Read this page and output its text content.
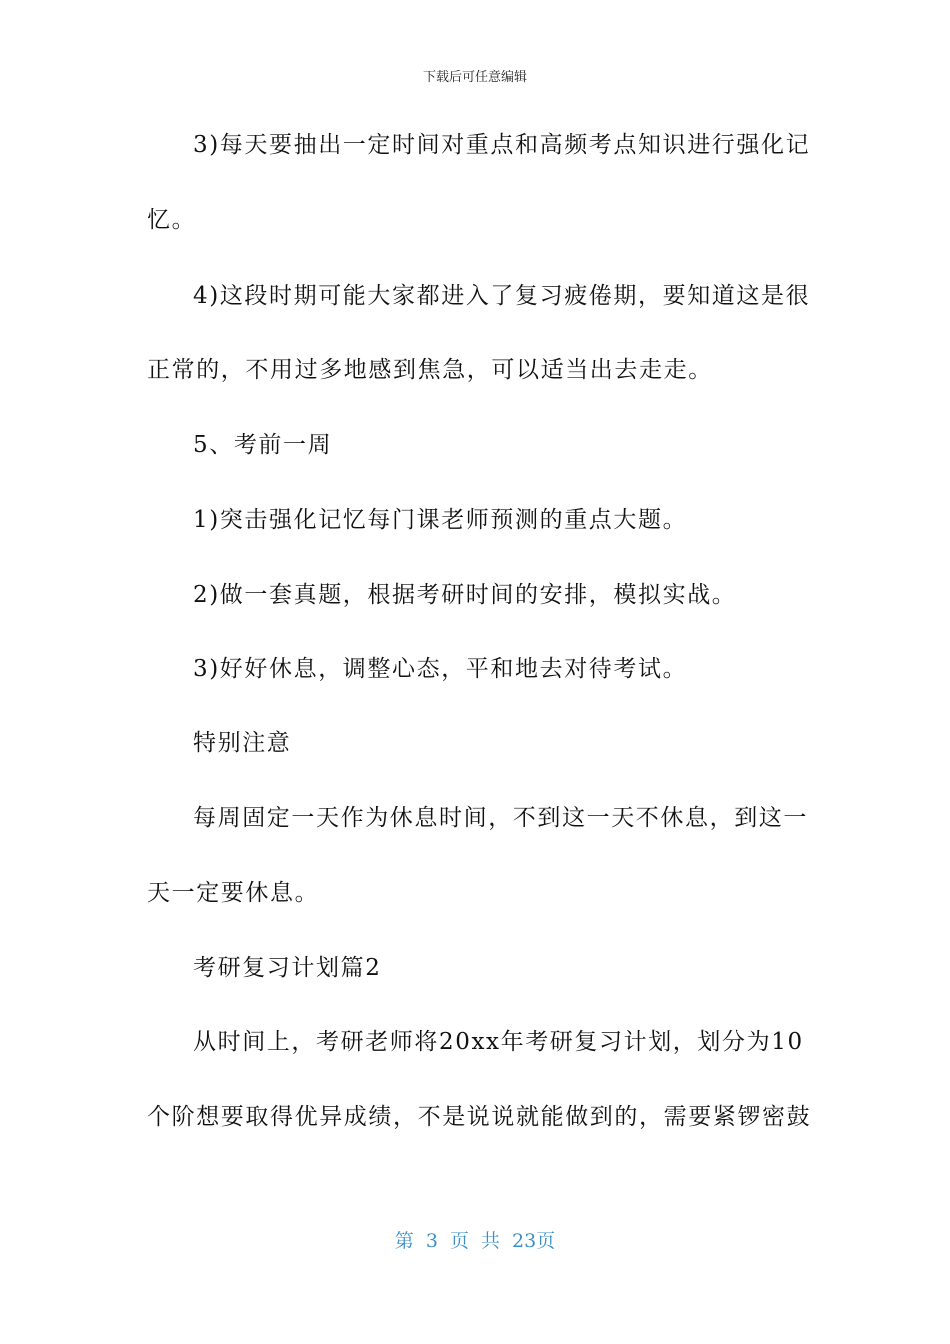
下载后可任意编辑
3)每天要抽出一定时间对重点和高频考点知识进行强化记
忆。
4)这段时期可能大家都进入了复习疲倦期，要知道这是很
正常的，不用过多地感到焦急，可以适当出去走走。
5、考前一周
1)突击强化记忆每门课老师预测的重点大题。
2)做一套真题，根据考研时间的安排，模拟实战。
3)好好休息，调整心态，平和地去对待考试。
特别注意
每周固定一天作为休息时间，不到这一天不休息，到这一
天一定要休息。
考研复习计划篇2
从时间上，考研老师将20xx年考研复习计划，划分为10
个阶想要取得优异成绩，不是说说就能做到的，需要紧锣密鼓
第 3 页 共 23页
